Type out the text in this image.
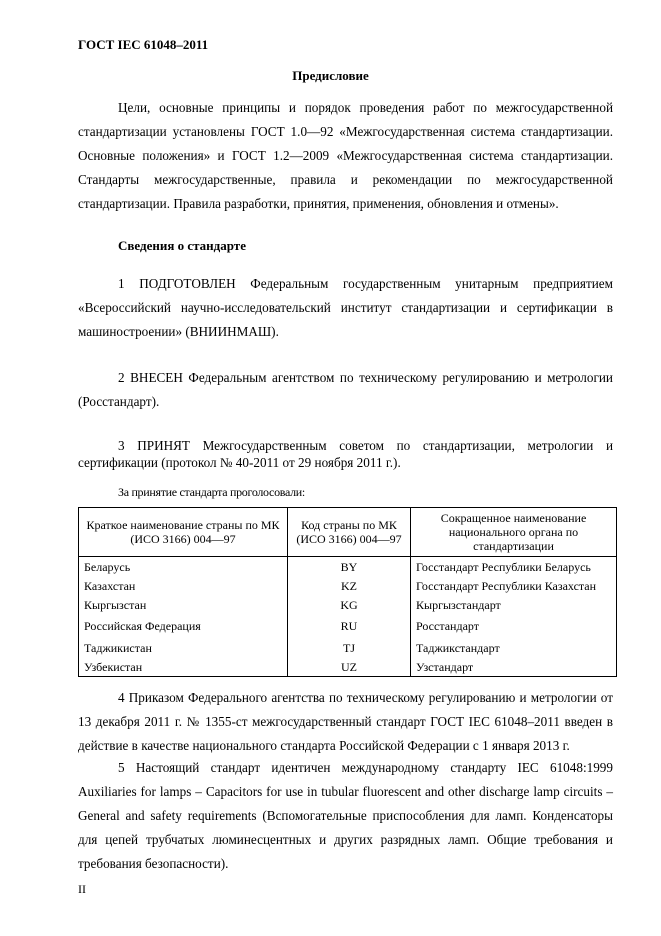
ГОСТ IEC 61048–2011
Предисловие
Цели, основные принципы и порядок проведения работ по межгосударственной стандартизации установлены ГОСТ 1.0—92 «Межгосударственная система стандартизации. Основные положения» и ГОСТ 1.2—2009 «Межгосударственная система стандартизации. Стандарты межгосударственные, правила и рекомендации по межгосударственной стандартизации. Правила разработки, принятия, применения, обновления и отмены».
Сведения о стандарте
1 ПОДГОТОВЛЕН Федеральным государственным унитарным предприятием «Всероссийский научно-исследовательский институт стандартизации и сертификации в машиностроении» (ВНИИНМАШ).
2 ВНЕСЕН Федеральным агентством по техническому регулированию и метрологии (Росстандарт).
3 ПРИНЯТ Межгосударственным советом по стандартизации, метрологии и сертификации (протокол № 40-2011 от 29 ноября 2011 г.).
За принятие стандарта проголосовали:
Краткое наименование страны по МК (ИСО 3166) 004—97	Код страны по МК (ИСО 3166) 004—97	Сокращенное наименование национального органа по стандартизации
Беларусь	BY	Госстандарт Республики Беларусь
Казахстан	KZ	Госстандарт Республики Казахстан
Кыргызстан	KG	Кыргызстандарт
Российская Федерация	RU	Росстандарт
Таджикистан	TJ	Таджикстандарт
Узбекистан	UZ	Узстандарт
4 Приказом Федерального агентства по техническому регулированию и метрологии от 13 декабря 2011 г. № 1355-ст межгосударственный стандарт ГОСТ IEC 61048–2011 введен в действие в качестве национального стандарта Российской Федерации с 1 января 2013 г.
5 Настоящий стандарт идентичен международному стандарту IEC 61048:1999 Auxiliaries for lamps – Capacitors for use in tubular fluorescent and other discharge lamp circuits – General and safety requirements (Вспомогательные приспособления для ламп. Конденсаторы для цепей трубчатых люминесцентных и других разрядных ламп. Общие требования и требования безопасности).
II
